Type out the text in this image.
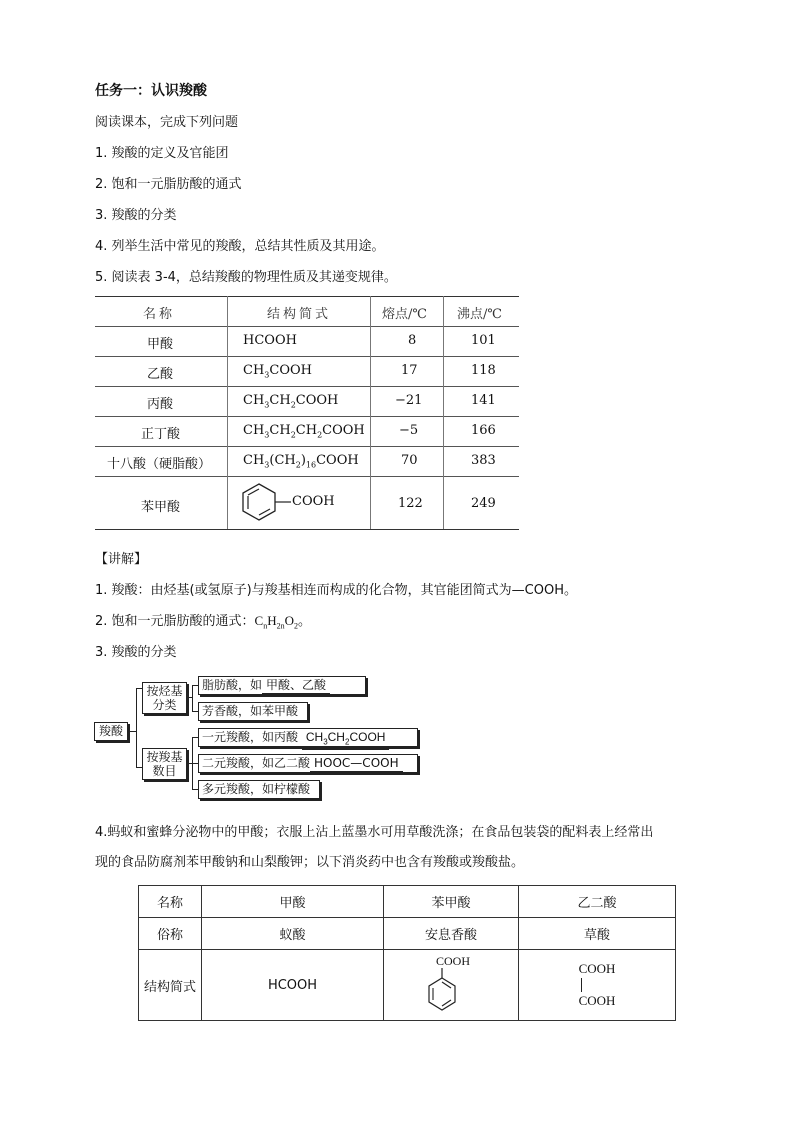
任务一：认识羧酸
阅读课本，完成下列问题
1. 羧酸的定义及官能团
2. 饱和一元脂肪酸的通式
3. 羧酸的分类
4. 列举生活中常见的羧酸，总结其性质及其用途。
5. 阅读表 3-4，总结羧酸的物理性质及其递变规律。
名称	结构简式	熔点/℃ 沸点/℃
甲酸	HCOOH	8	101
乙酸	$CH_3COOH$	17	118
丙酸	$CH_3CH_2COOH$	−21	141
正丁酸	$CH_3CH_2CH_2COOH$	−5	166
十八酸（硬脂酸） $CH_3(CH_2)_{16}COOH$	70	383
苯甲酸	COOH	122	249
【讲解】
1. 羧酸：由烃基(或氢原子)与羧基相连而构成的化合物，其官能团简式为—COOH。
2. 饱和一元脂肪酸的通式：$C_nH_{2n}O_2$。
3. 羧酸的分类
羧酸
按烃基
分类
按羧基
数目
脂肪酸，如 甲酸、乙酸
芳香酸，如苯甲酸
一元羧酸，如丙酸 $CH_3CH_2COOH$
二元羧酸，如乙二酸 HOOC—COOH
多元羧酸，如柠檬酸
4.蚂蚁和蜜蜂分泌物中的甲酸；衣服上沾上蓝墨水可用草酸洗涤；在食品包装袋的配料表上经常出
现的食品防腐剂苯甲酸钠和山梨酸钾；以下消炎药中也含有羧酸或羧酸盐。
名称	甲酸	苯甲酸	乙二酸
俗称	蚁酸	安息香酸	草酸
结构简式	HCOOH	COOH	COOH
COOH
